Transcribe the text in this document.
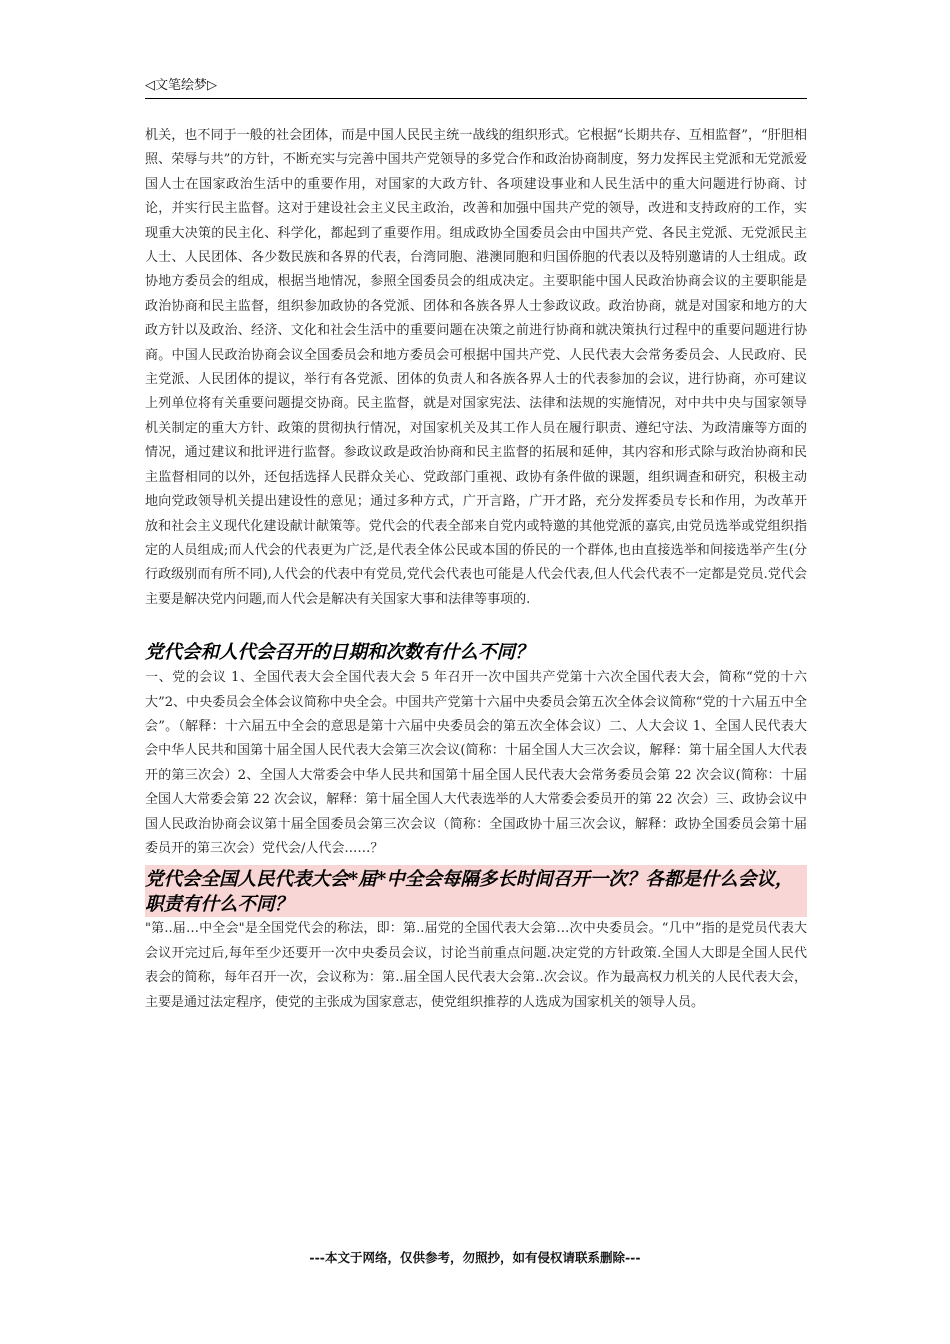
◁文笔绘梦▷

机关，也不同于一般的社会团体，而是中国人民民主统一战线的组织形式。它根据“长期共存、互相监督”，“肝胆相照、荣辱与共”的方针，不断充实与完善中国共产党领导的多党合作和政治协商制度，努力发挥民主党派和无党派爱国人士在国家政治生活中的重要作用，对国家的大政方针、各项建设事业和人民生活中的重大问题进行协商、讨论，并实行民主监督。这对于建设社会主义民主政治，改善和加强中国共产党的领导，改进和支持政府的工作，实现重大决策的民主化、科学化，都起到了重要作用。组成政协全国委员会由中国共产党、各民主党派、无党派民主人士、人民团体、各少数民族和各界的代表，台湾同胞、港澳同胞和归国侨胞的代表以及特别邀请的人士组成。政协地方委员会的组成，根据当地情况，参照全国委员会的组成决定。主要职能中国人民政治协商会议的主要职能是政治协商和民主监督，组织参加政协的各党派、团体和各族各界人士参政议政。政治协商，就是对国家和地方的大政方针以及政治、经济、文化和社会生活中的重要问题在决策之前进行协商和就决策执行过程中的重要问题进行协商。中国人民政治协商会议全国委员会和地方委员会可根据中国共产党、人民代表大会常务委员会、人民政府、民主党派、人民团体的提议，举行有各党派、团体的负责人和各族各界人士的代表参加的会议，进行协商，亦可建议上列单位将有关重要问题提交协商。民主监督，就是对国家宪法、法律和法规的实施情况，对中共中央与国家领导机关制定的重大方针、政策的贯彻执行情况，对国家机关及其工作人员在履行职责、遵纪守法、为政清廉等方面的情况，通过建议和批评进行监督。参政议政是政治协商和民主监督的拓展和延伸，其内容和形式除与政治协商和民主监督相同的以外，还包括选择人民群众关心、党政部门重视、政协有条件做的课题，组织调查和研究，积极主动地向党政领导机关提出建设性的意见；通过多种方式，广开言路，广开才路，充分发挥委员专长和作用，为改革开放和社会主义现代化建设献计献策等。党代会的代表全部来自党内或特邀的其他党派的嘉宾,由党员选举或党组织指定的人员组成;而人代会的代表更为广泛,是代表全体公民或本国的侨民的一个群体,也由直接选举和间接选举产生(分行政级别而有所不同),人代会的代表中有党员,党代会代表也可能是人代会代表,但人代会代表不一定都是党员.党代会主要是解决党内问题,而人代会是解决有关国家大事和法律等事项的.

党代会和人代会召开的日期和次数有什么不同？

一、党的会议 1、全国代表大会全国代表大会 5 年召开一次中国共产党第十六次全国代表大会，简称“党的十六大”2、中央委员会全体会议简称中央全会。中国共产党第十六届中央委员会第五次全体会议简称“党的十六届五中全会”。（解释：十六届五中全会的意思是第十六届中央委员会的第五次全体会议）二、人大会议 1、全国人民代表大会中华人民共和国第十届全国人民代表大会第三次会议(简称：十届全国人大三次会议，解释：第十届全国人大代表开的第三次会）2、全国人大常委会中华人民共和国第十届全国人民代表大会常务委员会第 22 次会议(简称：十届全国人大常委会第 22 次会议，解释：第十届全国人大代表选举的人大常委会委员开的第 22 次会）三、政协会议中国人民政治协商会议第十届全国委员会第三次会议（简称：全国政协十届三次会议，解释：政协全国委员会第十届委员开的第三次会）党代会/人代会……？

党代会全国人民代表大会*届*中全会每隔多长时间召开一次？各都是什么会议，职责有什么不同？

"第..届…中全会"是全国党代会的称法，即：第..届党的全国代表大会第…次中央委员会。“几中”指的是党员代表大会议开完过后,每年至少还要开一次中央委员会议，讨论当前重点问题.决定党的方针政策.全国人大即是全国人民代表会的简称，每年召开一次，会议称为：第..届全国人民代表大会第..次会议。作为最高权力机关的人民代表大会，主要是通过法定程序，使党的主张成为国家意志，使党组织推荐的人选成为国家机关的领导人员。

---本文于网络，仅供参考，勿照抄，如有侵权请联系删除---
